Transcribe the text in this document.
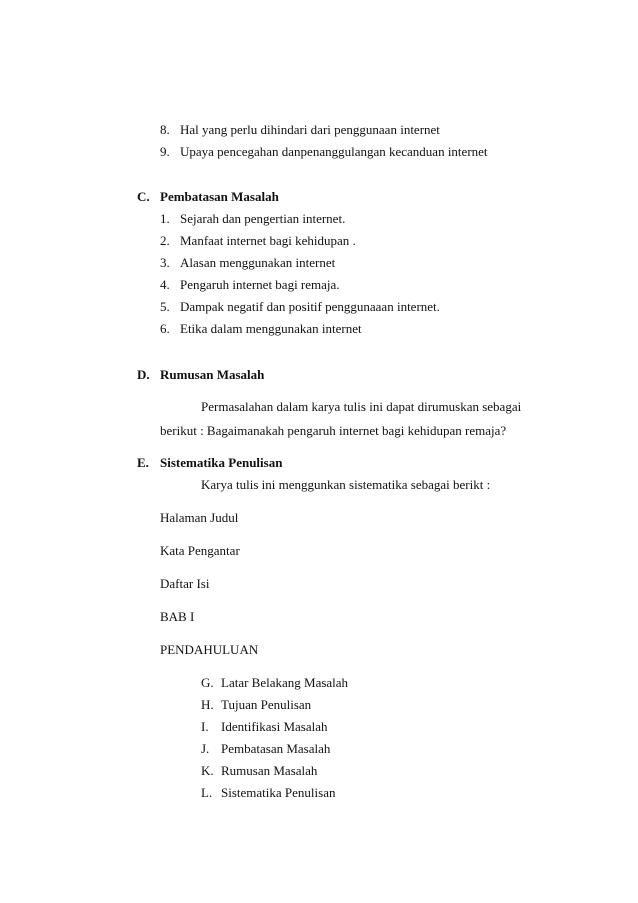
8. Hal yang perlu dihindari dari penggunaan internet
9. Upaya pencegahan danpenanggulangan kecanduan internet
C. Pembatasan Masalah
1. Sejarah dan pengertian internet.
2. Manfaat internet bagi kehidupan .
3. Alasan menggunakan internet
4. Pengaruh internet bagi remaja.
5. Dampak negatif dan positif penggunaaan internet.
6. Etika dalam menggunakan internet
D. Rumusan Masalah
Permasalahan dalam karya tulis ini dapat dirumuskan sebagai
berikut : Bagaimanakah pengaruh internet bagi kehidupan remaja?
E. Sistematika Penulisan
Karya tulis ini menggunkan sistematika sebagai berikt :
Halaman Judul
Kata Pengantar
Daftar Isi
BAB I
PENDAHULUAN
G. Latar Belakang Masalah
H. Tujuan Penulisan
I. Identifikasi Masalah
J. Pembatasan Masalah
K. Rumusan Masalah
L. Sistematika Penulisan
